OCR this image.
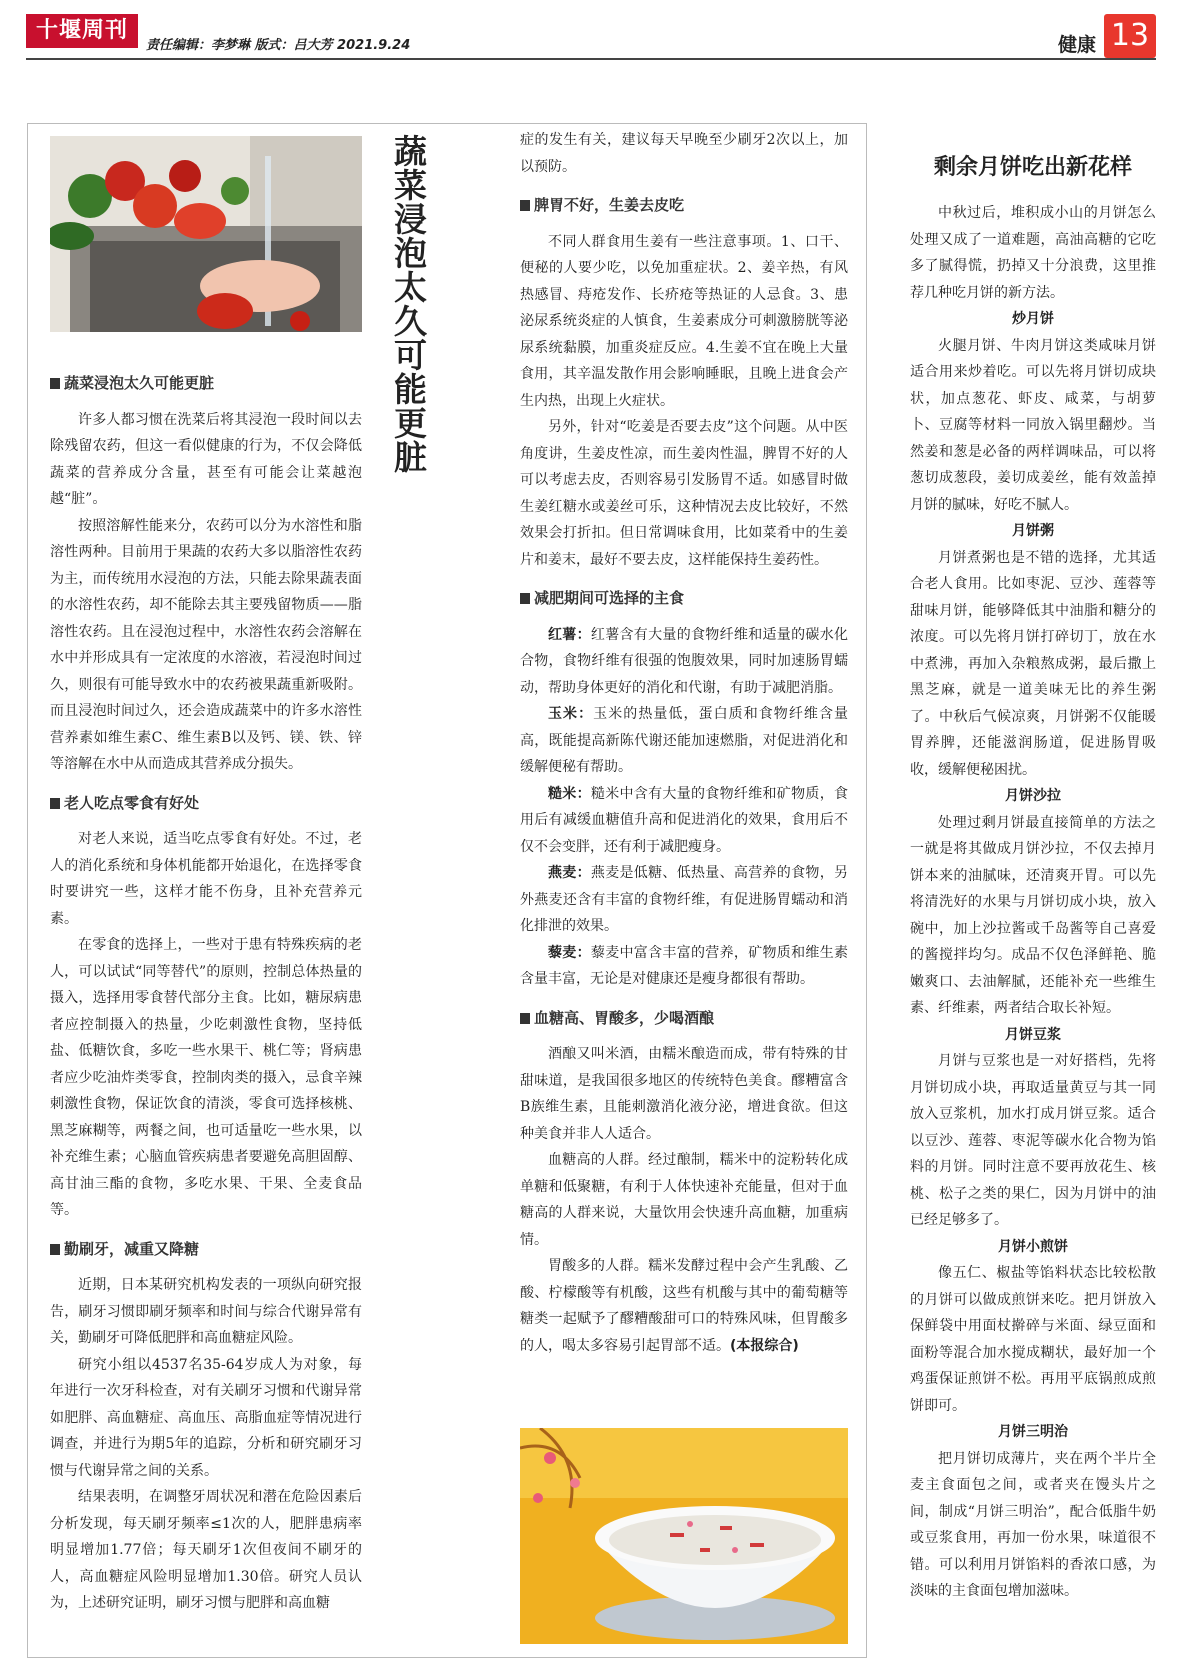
十堰周刊
责任编辑：李梦琳 版式：吕大芳 2021.9.24	健康 13
蔬菜浸泡太久可能更脏
蔬菜浸泡太久可能更脏

许多人都习惯在洗菜后将其浸泡一段时间以去除残留农药，但这一看似健康的行为，不仅会降低蔬菜的营养成分含量，甚至有可能会让菜越泡越“脏”。

按照溶解性能来分，农药可以分为水溶性和脂溶性两种。目前用于果蔬的农药大多以脂溶性农药为主，而传统用水浸泡的方法，只能去除果蔬表面的水溶性农药，却不能除去其主要残留物质——脂溶性农药。且在浸泡过程中，水溶性农药会溶解在水中并形成具有一定浓度的水溶液，若浸泡时间过久，则很有可能导致水中的农药被果蔬重新吸附。而且浸泡时间过久，还会造成蔬菜中的许多水溶性营养素如维生素C、维生素B以及钙、镁、铁、锌等溶解在水中从而造成其营养成分损失。

老人吃点零食有好处

对老人来说，适当吃点零食有好处。不过，老人的消化系统和身体机能都开始退化，在选择零食时要讲究一些，这样才能不伤身，且补充营养元素。

在零食的选择上，一些对于患有特殊疾病的老人，可以试试“同等替代”的原则，控制总体热量的摄入，选择用零食替代部分主食。比如，糖尿病患者应控制摄入的热量，少吃刺激性食物，坚持低盐、低糖饮食，多吃一些水果干、桃仁等；肾病患者应少吃油炸类零食，控制肉类的摄入，忌食辛辣刺激性食物，保证饮食的清淡，零食可选择核桃、黑芝麻糊等，两餐之间，也可适量吃一些水果，以补充维生素；心脑血管疾病患者要避免高胆固醇、高甘油三酯的食物，多吃水果、干果、全麦食品等。

勤刷牙，减重又降糖

近期，日本某研究机构发表的一项纵向研究报告，刷牙习惯即刷牙频率和时间与综合代谢异常有关，勤刷牙可降低肥胖和高血糖症风险。

研究小组以4537名35-64岁成人为对象，每年进行一次牙科检查，对有关刷牙习惯和代谢异常如肥胖、高血糖症、高血压、高脂血症等情况进行调查，并进行为期5年的追踪，分析和研究刷牙习惯与代谢异常之间的关系。

结果表明，在调整牙周状况和潜在危险因素后分析发现，每天刷牙频率≤1次的人，肥胖患病率明显增加1.77倍；每天刷牙1次但夜间不刷牙的人，高血糖症风险明显增加1.30倍。研究人员认为，上述研究证明，刷牙习惯与肥胖和高血糖

症的发生有关，建议每天早晚至少刷牙2次以上，加以预防。

脾胃不好，生姜去皮吃

不同人群食用生姜有一些注意事项。1、口干、便秘的人要少吃，以免加重症状。2、姜辛热，有风热感冒、痔疮发作、长疥疮等热证的人忌食。3、患泌尿系统炎症的人慎食，生姜素成分可刺激膀胱等泌尿系统黏膜，加重炎症反应。4.生姜不宜在晚上大量食用，其辛温发散作用会影响睡眠，且晚上进食会产生内热，出现上火症状。

另外，针对“吃姜是否要去皮”这个问题。从中医角度讲，生姜皮性凉，而生姜肉性温，脾胃不好的人可以考虑去皮，否则容易引发肠胃不适。如感冒时做生姜红糖水或姜丝可乐，这种情况去皮比较好，不然效果会打折扣。但日常调味食用，比如菜肴中的生姜片和姜末，最好不要去皮，这样能保持生姜药性。

减肥期间可选择的主食

红薯：红薯含有大量的食物纤维和适量的碳水化合物，食物纤维有很强的饱腹效果，同时加速肠胃蠕动，帮助身体更好的消化和代谢，有助于减肥消脂。

玉米：玉米的热量低，蛋白质和食物纤维含量高，既能提高新陈代谢还能加速燃脂，对促进消化和缓解便秘有帮助。

糙米：糙米中含有大量的食物纤维和矿物质，食用后有减缓血糖值升高和促进消化的效果，食用后不仅不会变胖，还有利于减肥瘦身。

燕麦：燕麦是低糖、低热量、高营养的食物，另外燕麦还含有丰富的食物纤维，有促进肠胃蠕动和消化排泄的效果。

藜麦：藜麦中富含丰富的营养，矿物质和维生素含量丰富，无论是对健康还是瘦身都很有帮助。

血糖高、胃酸多，少喝酒酿

酒酿又叫米酒，由糯米酿造而成，带有特殊的甘甜味道，是我国很多地区的传统特色美食。醪糟富含B族维生素，且能刺激消化液分泌，增进食欲。但这种美食并非人人适合。

血糖高的人群。经过酿制，糯米中的淀粉转化成单糖和低聚糖，有利于人体快速补充能量，但对于血糖高的人群来说，大量饮用会快速升高血糖，加重病情。

胃酸多的人群。糯米发酵过程中会产生乳酸、乙酸、柠檬酸等有机酸，这些有机酸与其中的葡萄糖等糖类一起赋予了醪糟酸甜可口的特殊风味，但胃酸多的人，喝太多容易引起胃部不适。(本报综合)

剩余月饼吃出新花样

中秋过后，堆积成小山的月饼怎么处理又成了一道难题，高油高糖的它吃多了腻得慌，扔掉又十分浪费，这里推荐几种吃月饼的新方法。

炒月饼

火腿月饼、牛肉月饼这类咸味月饼适合用来炒着吃。可以先将月饼切成块状，加点葱花、虾皮、咸菜，与胡萝卜、豆腐等材料一同放入锅里翻炒。当然姜和葱是必备的两样调味品，可以将葱切成葱段，姜切成姜丝，能有效盖掉月饼的腻味，好吃不腻人。

月饼粥

月饼煮粥也是不错的选择，尤其适合老人食用。比如枣泥、豆沙、莲蓉等甜味月饼，能够降低其中油脂和糖分的浓度。可以先将月饼打碎切丁，放在水中煮沸，再加入杂粮熬成粥，最后撒上黑芝麻，就是一道美味无比的养生粥了。中秋后气候凉爽，月饼粥不仅能暖胃养脾，还能滋润肠道，促进肠胃吸收，缓解便秘困扰。

月饼沙拉

处理过剩月饼最直接简单的方法之一就是将其做成月饼沙拉，不仅去掉月饼本来的油腻味，还清爽开胃。可以先将清洗好的水果与月饼切成小块，放入碗中，加上沙拉酱或千岛酱等自己喜爱的酱搅拌均匀。成品不仅色泽鲜艳、脆嫩爽口、去油解腻，还能补充一些维生素、纤维素，两者结合取长补短。

月饼豆浆

月饼与豆浆也是一对好搭档，先将月饼切成小块，再取适量黄豆与其一同放入豆浆机，加水打成月饼豆浆。适合以豆沙、莲蓉、枣泥等碳水化合物为馅料的月饼。同时注意不要再放花生、核桃、松子之类的果仁，因为月饼中的油已经足够多了。

月饼小煎饼

像五仁、椒盐等馅料状态比较松散的月饼可以做成煎饼来吃。把月饼放入保鲜袋中用面杖擀碎与米面、绿豆面和面粉等混合加水搅成糊状，最好加一个鸡蛋保证煎饼不松。再用平底锅煎成煎饼即可。

月饼三明治

把月饼切成薄片，夹在两个半片全麦主食面包之间，或者夹在馒头片之间，制成“月饼三明治”，配合低脂牛奶或豆浆食用，再加一份水果，味道很不错。可以利用月饼馅料的香浓口感，为淡味的主食面包增加滋味。
